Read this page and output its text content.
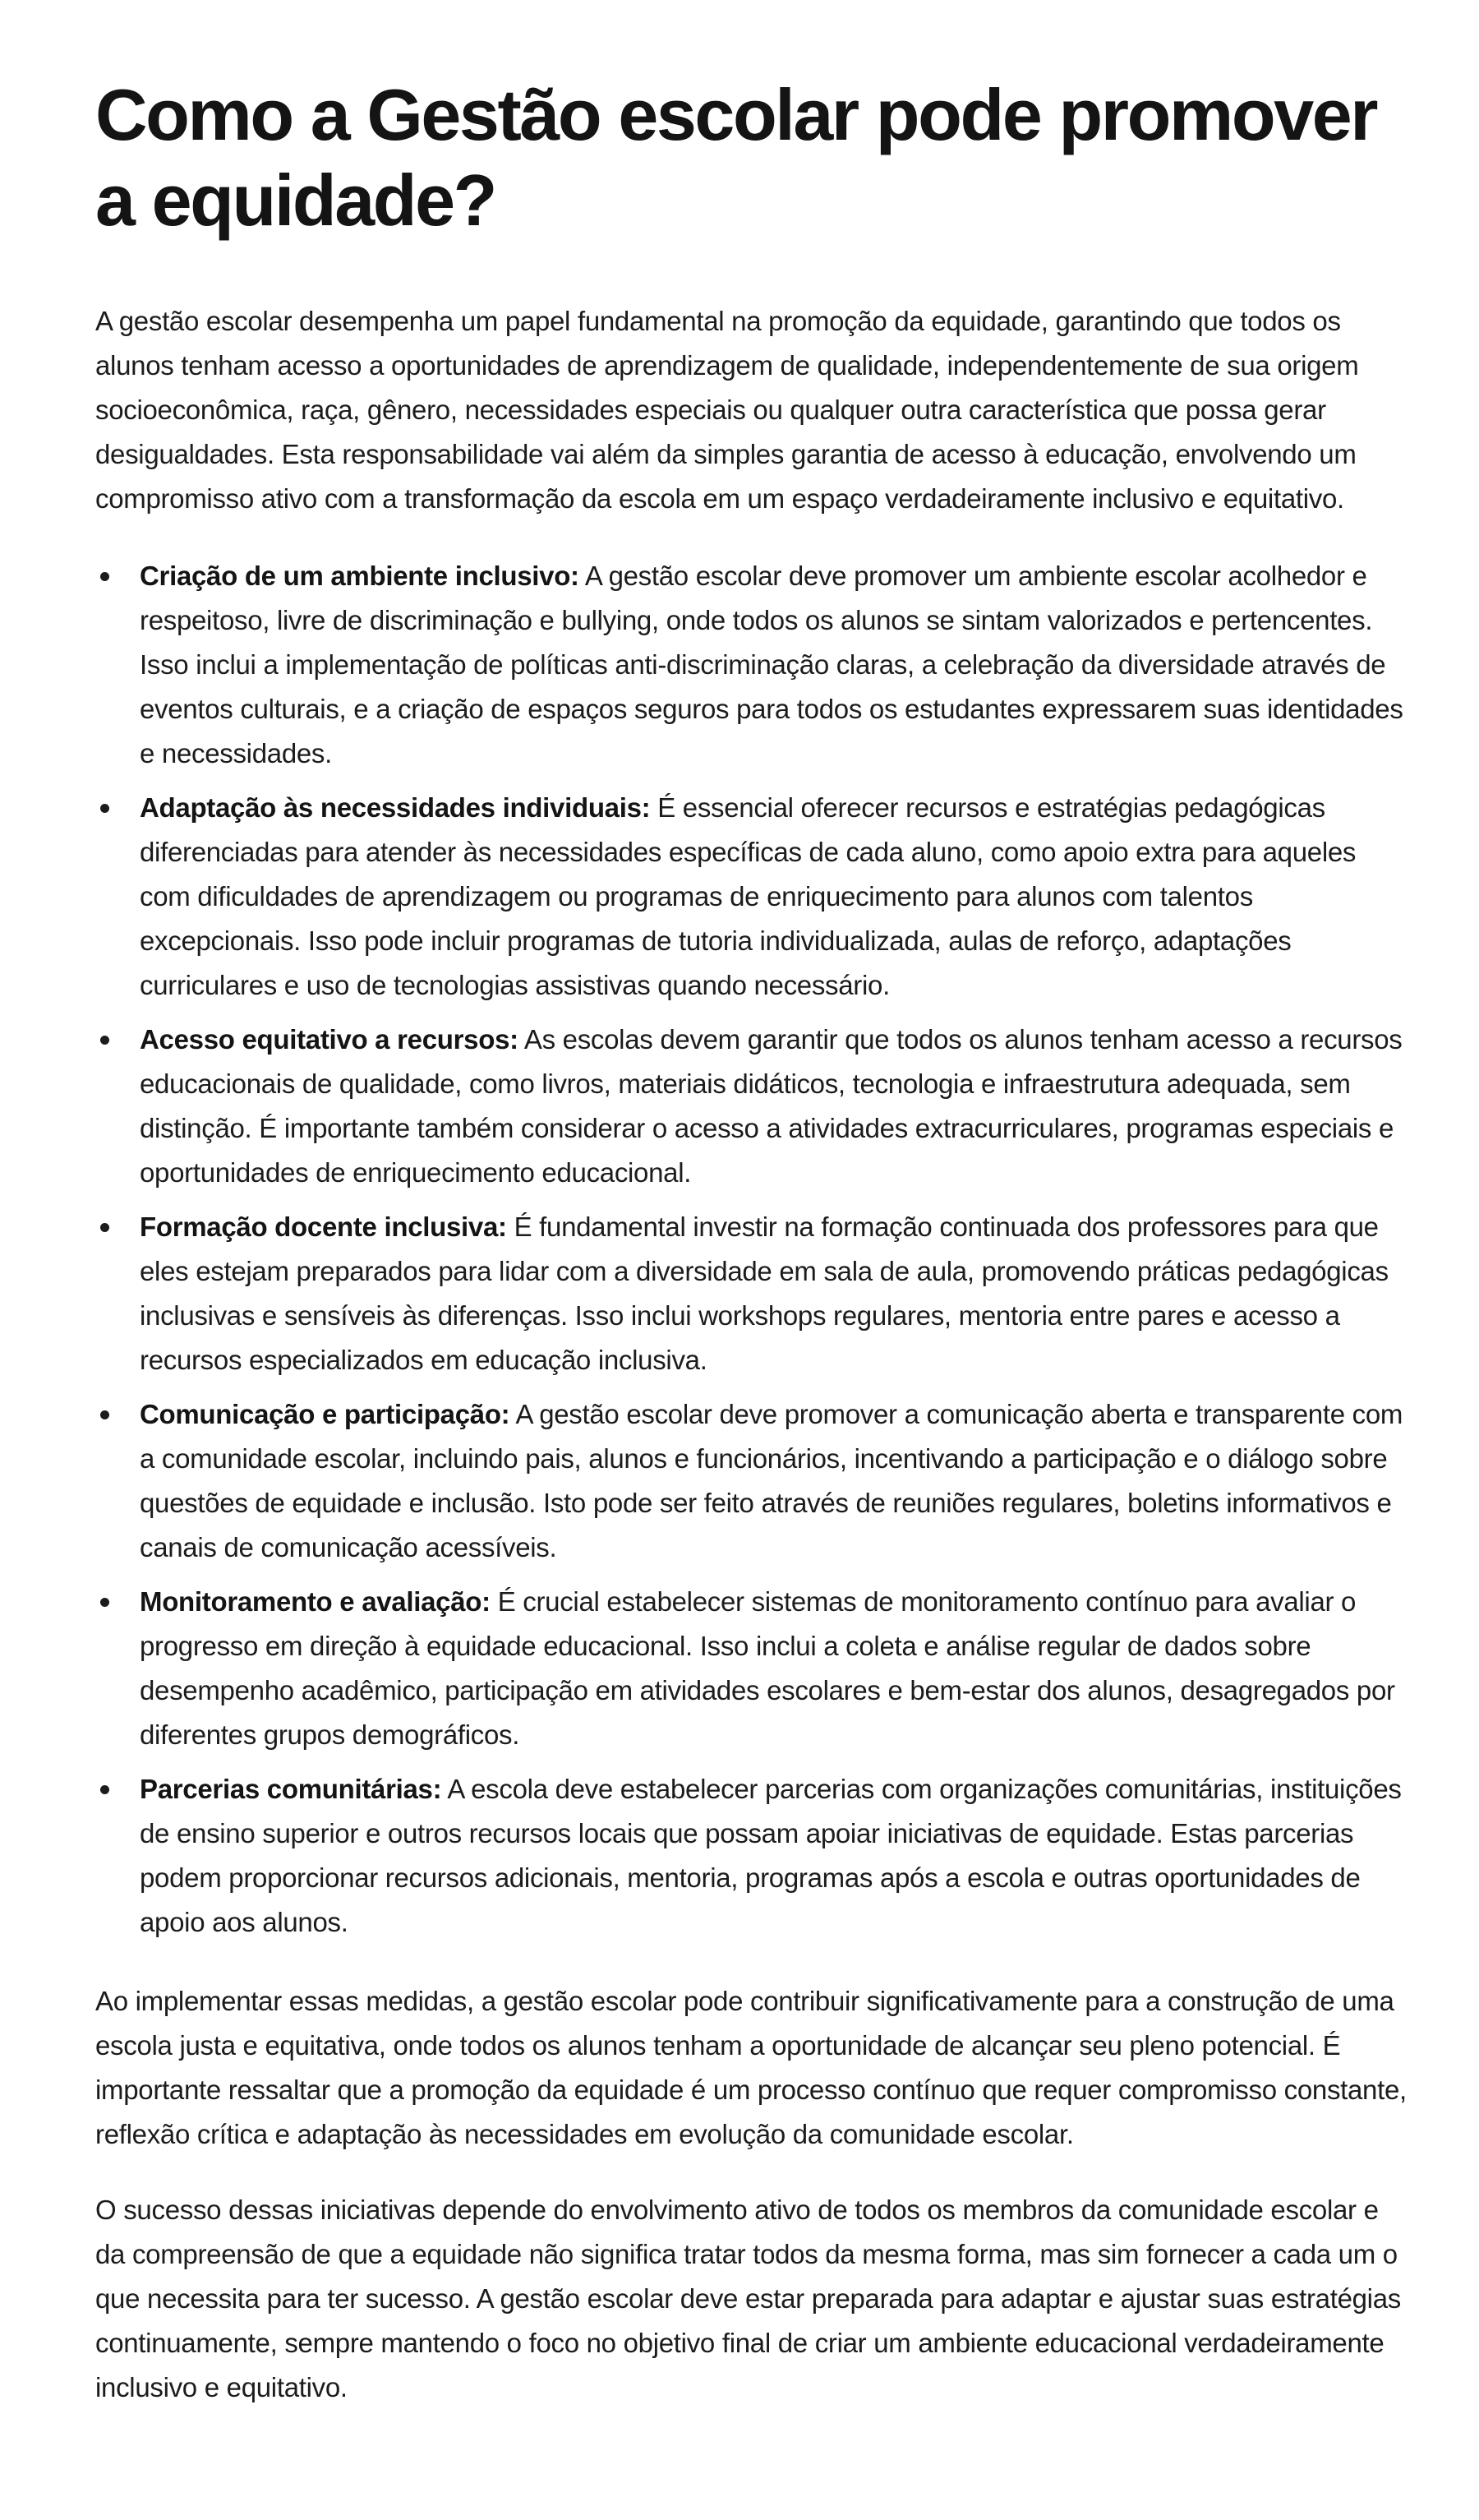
Como a Gestão escolar pode promover a equidade?

A gestão escolar desempenha um papel fundamental na promoção da equidade, garantindo que todos os alunos tenham acesso a oportunidades de aprendizagem de qualidade, independentemente de sua origem socioeconômica, raça, gênero, necessidades especiais ou qualquer outra característica que possa gerar desigualdades. Esta responsabilidade vai além da simples garantia de acesso à educação, envolvendo um compromisso ativo com a transformação da escola em um espaço verdadeiramente inclusivo e equitativo.

Criação de um ambiente inclusivo: A gestão escolar deve promover um ambiente escolar acolhedor e respeitoso, livre de discriminação e bullying, onde todos os alunos se sintam valorizados e pertencentes. Isso inclui a implementação de políticas anti-discriminação claras, a celebração da diversidade através de eventos culturais, e a criação de espaços seguros para todos os estudantes expressarem suas identidades e necessidades.
Adaptação às necessidades individuais: É essencial oferecer recursos e estratégias pedagógicas diferenciadas para atender às necessidades específicas de cada aluno, como apoio extra para aqueles com dificuldades de aprendizagem ou programas de enriquecimento para alunos com talentos excepcionais. Isso pode incluir programas de tutoria individualizada, aulas de reforço, adaptações curriculares e uso de tecnologias assistivas quando necessário.
Acesso equitativo a recursos: As escolas devem garantir que todos os alunos tenham acesso a recursos educacionais de qualidade, como livros, materiais didáticos, tecnologia e infraestrutura adequada, sem distinção. É importante também considerar o acesso a atividades extracurriculares, programas especiais e oportunidades de enriquecimento educacional.
Formação docente inclusiva: É fundamental investir na formação continuada dos professores para que eles estejam preparados para lidar com a diversidade em sala de aula, promovendo práticas pedagógicas inclusivas e sensíveis às diferenças. Isso inclui workshops regulares, mentoria entre pares e acesso a recursos especializados em educação inclusiva.
Comunicação e participação: A gestão escolar deve promover a comunicação aberta e transparente com a comunidade escolar, incluindo pais, alunos e funcionários, incentivando a participação e o diálogo sobre questões de equidade e inclusão. Isto pode ser feito através de reuniões regulares, boletins informativos e canais de comunicação acessíveis.
Monitoramento e avaliação: É crucial estabelecer sistemas de monitoramento contínuo para avaliar o progresso em direção à equidade educacional. Isso inclui a coleta e análise regular de dados sobre desempenho acadêmico, participação em atividades escolares e bem-estar dos alunos, desagregados por diferentes grupos demográficos.
Parcerias comunitárias: A escola deve estabelecer parcerias com organizações comunitárias, instituições de ensino superior e outros recursos locais que possam apoiar iniciativas de equidade. Estas parcerias podem proporcionar recursos adicionais, mentoria, programas após a escola e outras oportunidades de apoio aos alunos.

Ao implementar essas medidas, a gestão escolar pode contribuir significativamente para a construção de uma escola justa e equitativa, onde todos os alunos tenham a oportunidade de alcançar seu pleno potencial. É importante ressaltar que a promoção da equidade é um processo contínuo que requer compromisso constante, reflexão crítica e adaptação às necessidades em evolução da comunidade escolar.

O sucesso dessas iniciativas depende do envolvimento ativo de todos os membros da comunidade escolar e da compreensão de que a equidade não significa tratar todos da mesma forma, mas sim fornecer a cada um o que necessita para ter sucesso. A gestão escolar deve estar preparada para adaptar e ajustar suas estratégias continuamente, sempre mantendo o foco no objetivo final de criar um ambiente educacional verdadeiramente inclusivo e equitativo.
